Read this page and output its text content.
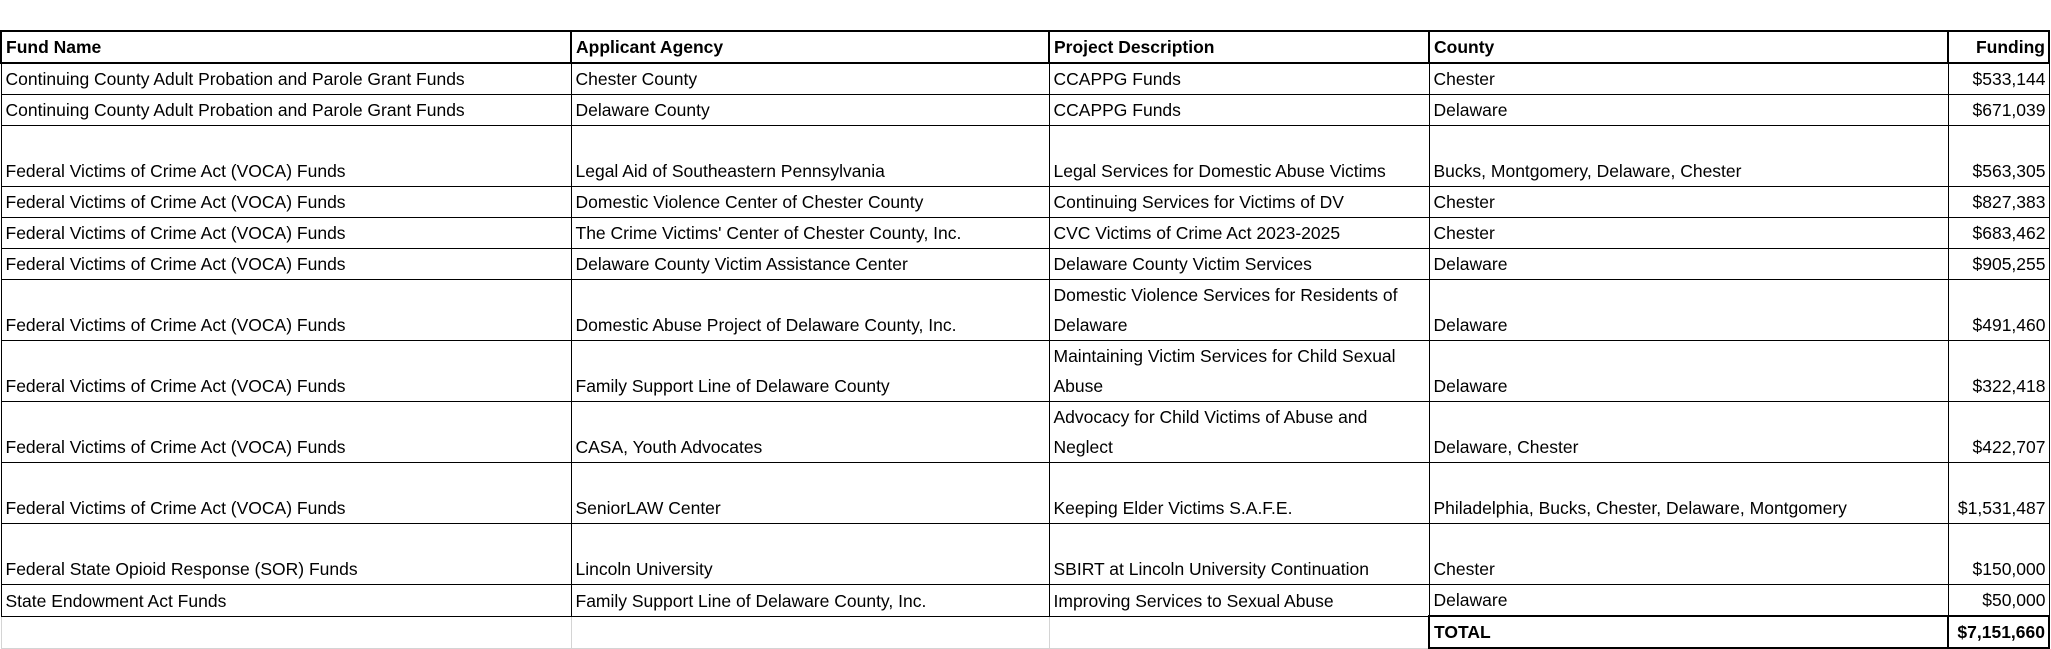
Fund Name	Applicant Agency	Project Description	County	Funding
Continuing County Adult Probation and Parole Grant Funds	Chester County	CCAPPG Funds	Chester	$533,144
Continuing County Adult Probation and Parole Grant Funds	Delaware County	CCAPPG Funds	Delaware	$671,039
Federal Victims of Crime Act (VOCA) Funds	Legal Aid of Southeastern Pennsylvania	Legal Services for Domestic Abuse Victims	Bucks, Montgomery, Delaware, Chester	$563,305
Federal Victims of Crime Act (VOCA) Funds	Domestic Violence Center of Chester County	Continuing Services for Victims of DV	Chester	$827,383
Federal Victims of Crime Act (VOCA) Funds	The Crime Victims' Center of Chester County, Inc.	CVC Victims of Crime Act 2023-2025	Chester	$683,462
Federal Victims of Crime Act (VOCA) Funds	Delaware County Victim Assistance Center	Delaware County Victim Services	Delaware	$905,255
Federal Victims of Crime Act (VOCA) Funds	Domestic Abuse Project of Delaware County, Inc.	Domestic Violence Services for Residents of Delaware	Delaware	$491,460
Federal Victims of Crime Act (VOCA) Funds	Family Support Line of Delaware County	Maintaining Victim Services for Child Sexual Abuse	Delaware	$322,418
Federal Victims of Crime Act (VOCA) Funds	CASA, Youth Advocates	Advocacy for Child Victims of Abuse and Neglect	Delaware, Chester	$422,707
Federal Victims of Crime Act (VOCA) Funds	SeniorLAW Center	Keeping Elder Victims S.A.F.E.	Philadelphia, Bucks, Chester, Delaware, Montgomery	$1,531,487
Federal State Opioid Response (SOR) Funds	Lincoln University	SBIRT at Lincoln University Continuation	Chester	$150,000
State Endowment Act Funds	Family Support Line of Delaware County, Inc.	Improving Services to Sexual Abuse	Delaware	$50,000
			TOTAL	$7,151,660
